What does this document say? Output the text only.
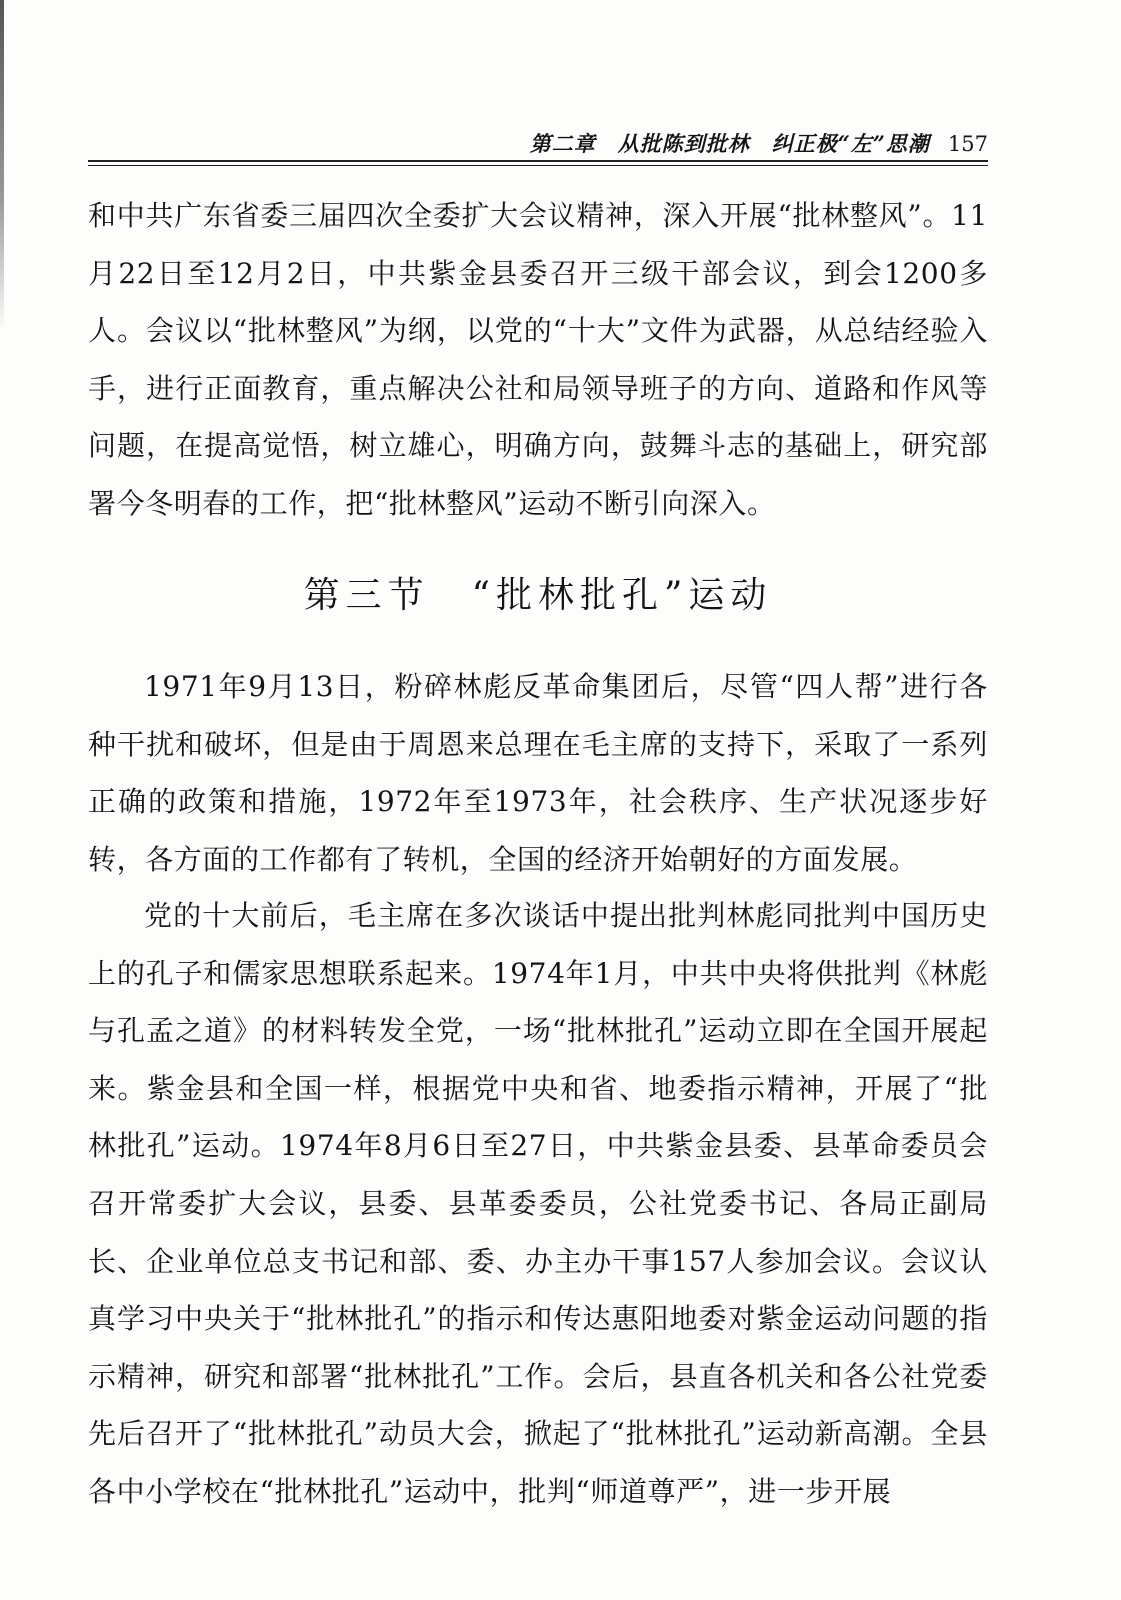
第二章　从批陈到批林　纠正极“左”思潮 157

和中共广东省委三届四次全委扩大会议精神，深入开展“批林整风”。11月22日至12月2日，中共紫金县委召开三级干部会议，到会1200多人。会议以“批林整风”为纲，以党的“十大”文件为武器，从总结经验入手，进行正面教育，重点解决公社和局领导班子的方向、道路和作风等问题，在提高觉悟，树立雄心，明确方向，鼓舞斗志的基础上，研究部署今冬明春的工作，把“批林整风”运动不断引向深入。

第三节　“批林批孔”运动

1971年9月13日，粉碎林彪反革命集团后，尽管“四人帮”进行各种干扰和破坏，但是由于周恩来总理在毛主席的支持下，采取了一系列正确的政策和措施，1972年至1973年，社会秩序、生产状况逐步好转，各方面的工作都有了转机，全国的经济开始朝好的方面发展。

党的十大前后，毛主席在多次谈话中提出批判林彪同批判中国历史上的孔子和儒家思想联系起来。1974年1月，中共中央将供批判《林彪与孔孟之道》的材料转发全党，一场“批林批孔”运动立即在全国开展起来。紫金县和全国一样，根据党中央和省、地委指示精神，开展了“批林批孔”运动。1974年8月6日至27日，中共紫金县委、县革命委员会召开常委扩大会议，县委、县革委委员，公社党委书记、各局正副局长、企业单位总支书记和部、委、办主办干事157人参加会议。会议认真学习中央关于“批林批孔”的指示和传达惠阳地委对紫金运动问题的指示精神，研究和部署“批林批孔”工作。会后，县直各机关和各公社党委先后召开了“批林批孔”动员大会，掀起了“批林批孔”运动新高潮。全县各中小学校在“批林批孔”运动中，批判“师道尊严”，进一步开展
